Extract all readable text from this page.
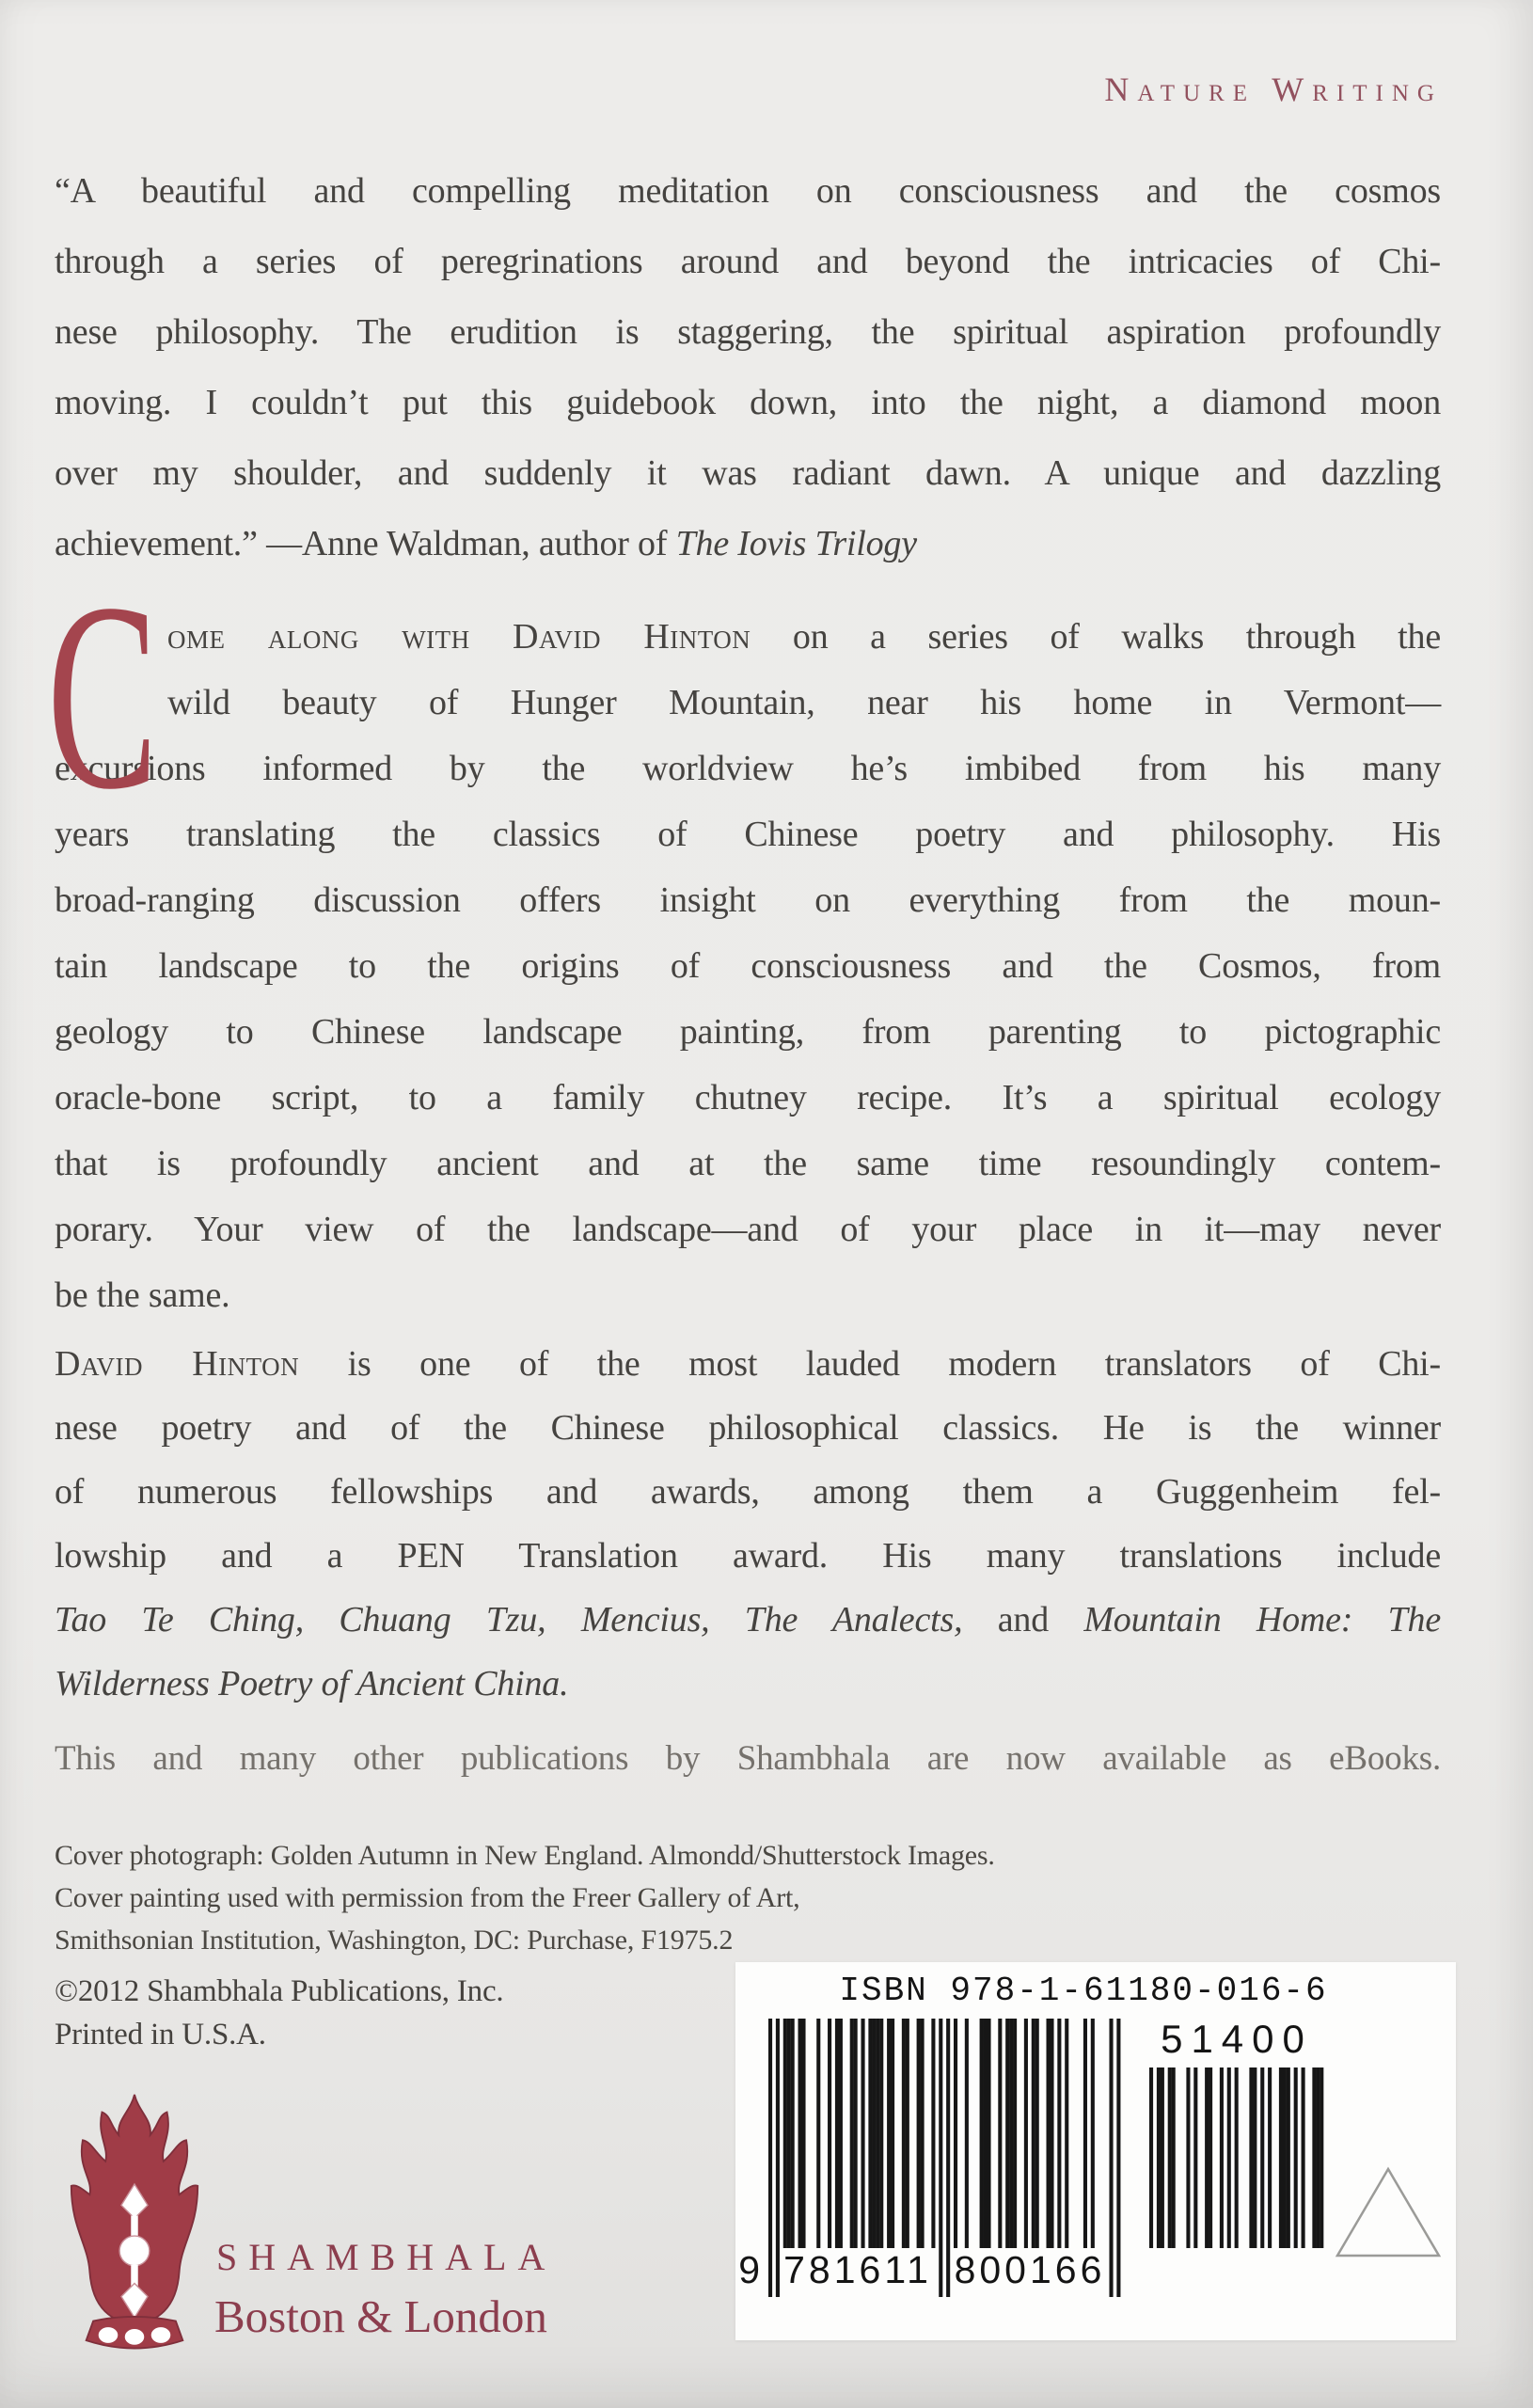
Nature Writing
“A beautiful and compelling meditation on consciousness and the cosmos
through a series of peregrinations around and beyond the intricacies of Chi-
nese philosophy. The erudition is staggering, the spiritual aspiration profoundly
moving. I couldn’t put this guidebook down, into the night, a diamond moon
over my shoulder, and suddenly it was radiant dawn. A unique and dazzling
achievement.” —Anne Waldman, author of The Iovis Trilogy
C ome along with David Hinton on a series of walks through the
wild beauty of Hunger Mountain, near his home in Vermont—
excursions informed by the worldview he’s imbibed from his many
years translating the classics of Chinese poetry and philosophy. His
broad-ranging discussion offers insight on everything from the moun-
tain landscape to the origins of consciousness and the Cosmos, from
geology to Chinese landscape painting, from parenting to pictographic
oracle-bone script, to a family chutney recipe. It’s a spiritual ecology
that is profoundly ancient and at the same time resoundingly contem-
porary. Your view of the landscape—and of your place in it—may never
be the same.
David Hinton is one of the most lauded modern translators of Chi-
nese poetry and of the Chinese philosophical classics. He is the winner
of numerous fellowships and awards, among them a Guggenheim fel-
lowship and a PEN Translation award. His many translations include
Tao Te Ching, Chuang Tzu, Mencius, The Analects, and Mountain Home: The
Wilderness Poetry of Ancient China.
This and many other publications by Shambhala are now available as eBooks.
Cover photograph: Golden Autumn in New England. Almondd/Shutterstock Images.
Cover painting used with permission from the Freer Gallery of Art,
Smithsonian Institution, Washington, DC: Purchase, F1975.2
©2012 Shambhala Publications, Inc.
Printed in U.S.A.
ISBN 978-1-61180-016-6
51400
9 781611 800166
SHAMBHALA
Boston & London
